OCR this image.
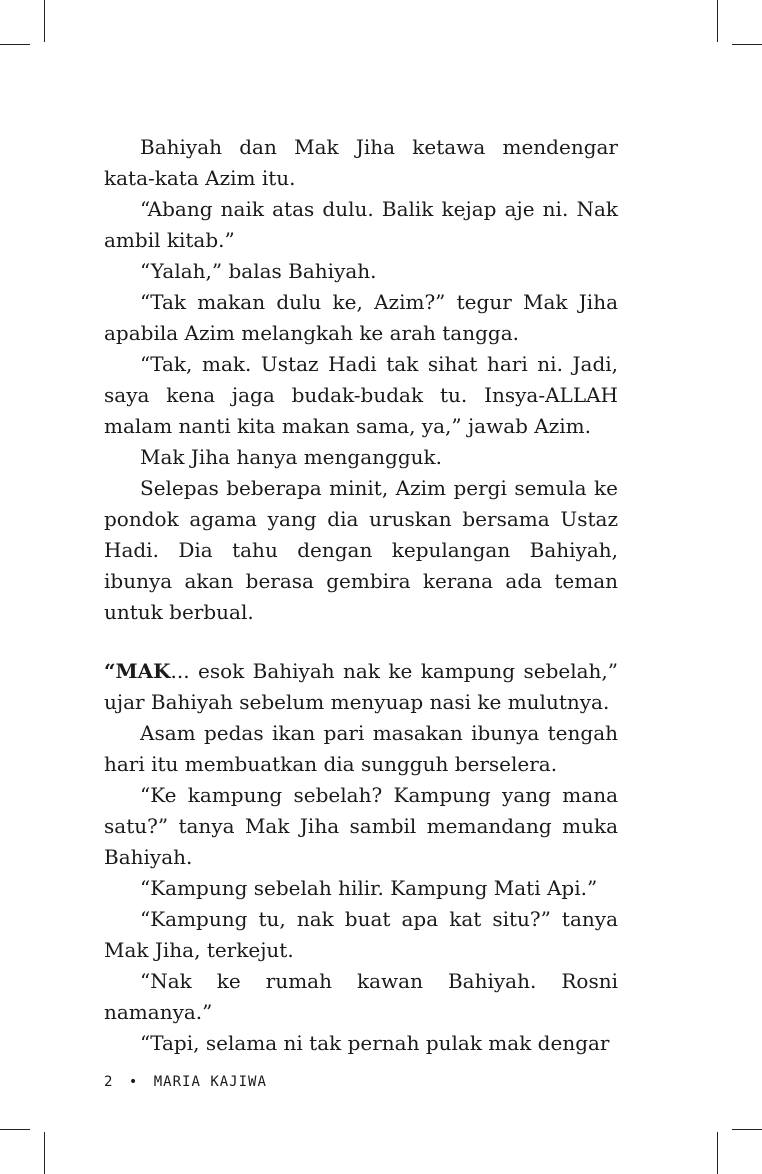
Bahiyah dan Mak Jiha ketawa mendengar kata-kata Azim itu.

“Abang naik atas dulu. Balik kejap aje ni. Nak ambil kitab.”

“Yalah,” balas Bahiyah.

“Tak makan dulu ke, Azim?” tegur Mak Jiha apabila Azim melangkah ke arah tangga.

“Tak, mak. Ustaz Hadi tak sihat hari ni. Jadi, saya kena jaga budak-budak tu. Insya-ALLAH malam nanti kita makan sama, ya,” jawab Azim.

Mak Jiha hanya mengangguk.

Selepas beberapa minit, Azim pergi semula ke pondok agama yang dia uruskan bersama Ustaz Hadi. Dia tahu dengan kepulangan Bahiyah, ibunya akan berasa gembira kerana ada teman untuk berbual.

“MAK... esok Bahiyah nak ke kampung sebelah,” ujar Bahiyah sebelum menyuap nasi ke mulutnya.

Asam pedas ikan pari masakan ibunya tengah hari itu membuatkan dia sungguh berselera.

“Ke kampung sebelah? Kampung yang mana satu?” tanya Mak Jiha sambil memandang muka Bahiyah.

“Kampung sebelah hilir. Kampung Mati Api.”

“Kampung tu, nak buat apa kat situ?” tanya Mak Jiha, terkejut.

“Nak ke rumah kawan Bahiyah. Rosni namanya.”

“Tapi, selama ni tak pernah pulak mak dengar

2 • MARIA KAJIWA
